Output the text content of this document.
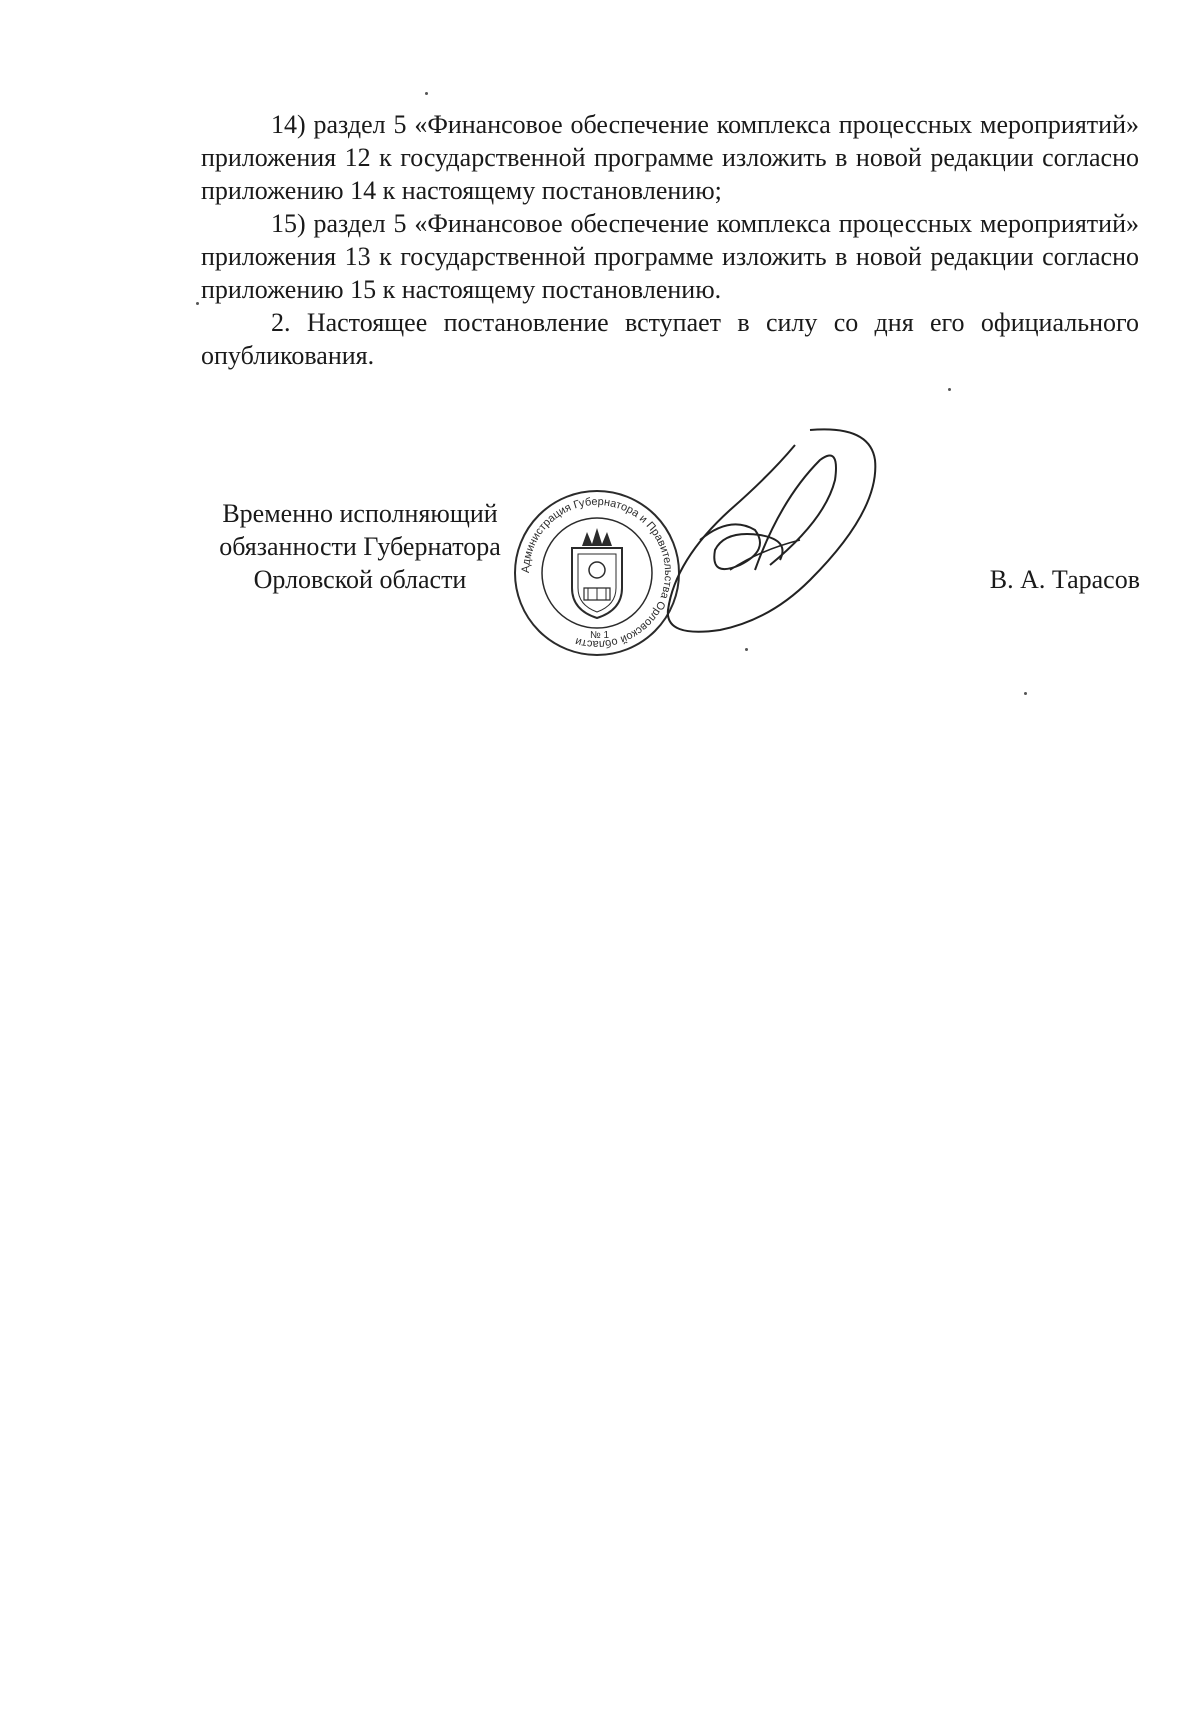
14) раздел 5 «Финансовое обеспечение комплекса процессных мероприятий» приложения 12 к государственной программе изложить в новой редакции согласно приложению 14 к настоящему постановлению;

15) раздел 5 «Финансовое обеспечение комплекса процессных мероприятий» приложения 13 к государственной программе изложить в новой редакции согласно приложению 15 к настоящему постановлению.

2. Настоящее постановление вступает в силу со дня его официального опубликования.

Временно исполняющий
обязанности Губернатора
Орловской области	Администрация Губернатора и Правительства Орловской области № 1
В. А. Тарасов
